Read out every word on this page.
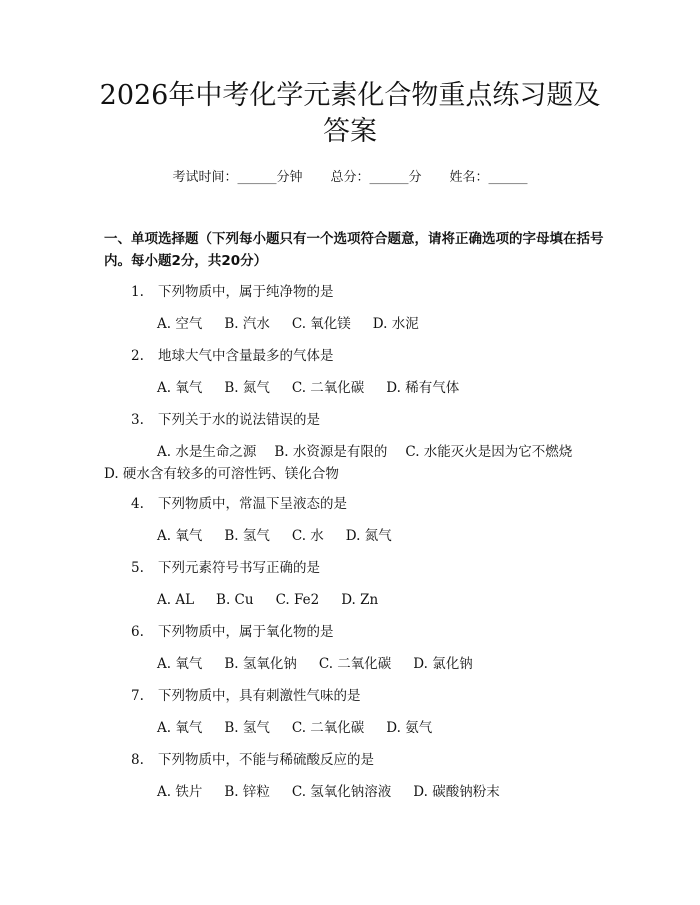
2026年中考化学元素化合物重点练习题及答案
考试时间：______分钟 总分：______分 姓名：______
一、单项选择题（下列每小题只有一个选项符合题意，请将正确选项的字母填在括号内。每小题2分，共20分）
1. 下列物质中，属于纯净物的是
A. 空气 B. 汽水 C. 氧化镁 D. 水泥
2. 地球大气中含量最多的气体是
A. 氧气 B. 氮气 C. 二氧化碳 D. 稀有气体
3. 下列关于水的说法错误的是
A. 水是生命之源 B. 水资源是有限的 C. 水能灭火是因为它不燃烧D. 硬水含有较多的可溶性钙、镁化合物
4. 下列物质中，常温下呈液态的是
A. 氧气 B. 氢气 C. 水 D. 氮气
5. 下列元素符号书写正确的是
A. AL B. Cu C. Fe2 D. Zn
6. 下列物质中，属于氧化物的是
A. 氧气 B. 氢氧化钠 C. 二氧化碳 D. 氯化钠
7. 下列物质中，具有刺激性气味的是
A. 氧气 B. 氢气 C. 二氧化碳 D. 氨气
8. 下列物质中，不能与稀硫酸反应的是
A. 铁片 B. 锌粒 C. 氢氧化钠溶液 D. 碳酸钠粉末
